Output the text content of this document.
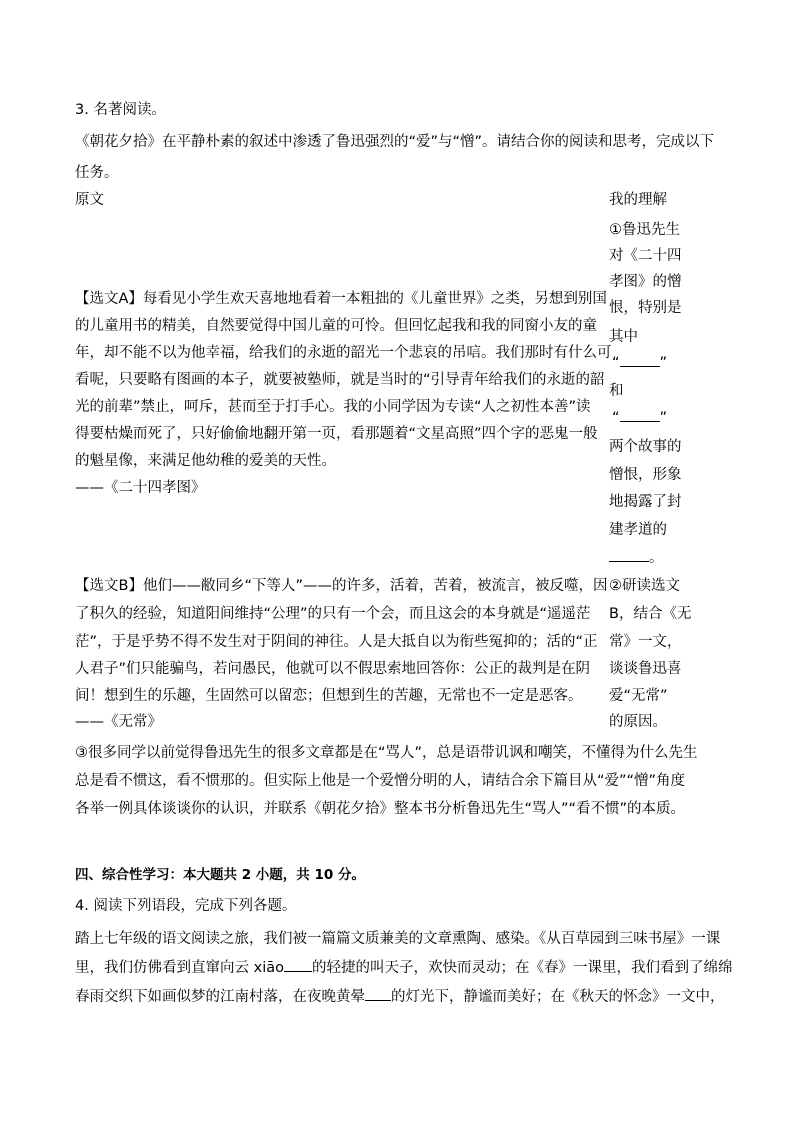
3. 名著阅读。
《朝花夕拾》在平静朴素的叙述中渗透了鲁迅强烈的“爱”与“憎”。请结合你的阅读和思考，完成以下
任务。
原文	我的理解
①鲁迅先生
对《二十四
孝图》的憎
恨，特别是
其中
“	”
和
“	”
两个故事的
憎恨，形象
地揭露了封
建孝道的
。
【选文A】每看见小学生欢天喜地地看着一本粗拙的《儿童世界》之类，另想到别国
的儿童用书的精美，自然要觉得中国儿童的可怜。但回忆起我和我的同窗小友的童
年，却不能不以为他幸福，给我们的永逝的韶光一个悲哀的吊唁。我们那时有什么可
看呢，只要略有图画的本子，就要被塾师，就是当时的“引导青年给我们的永逝的韶
光的前辈”禁止，呵斥，甚而至于打手心。我的小同学因为专读“人之初性本善”读
得要枯燥而死了，只好偷偷地翻开第一页，看那题着“文星高照”四个字的恶鬼一般
的魁星像，来满足他幼稚的爱美的天性。
——《二十四孝图》
【选文B】他们——敝同乡“下等人”——的许多，活着，苦着，被流言，被反噬，因
了积久的经验，知道阳间维持“公理”的只有一个会，而且这会的本身就是“遥遥茫
茫”，于是乎势不得不发生对于阴间的神往。人是大抵自以为衔些冤抑的；活的“正
人君子”们只能骗鸟，若问愚民，他就可以不假思索地回答你：公正的裁判是在阴
间！想到生的乐趣，生固然可以留恋；但想到生的苦趣，无常也不一定是恶客。
——《无常》
②研读选文
B，结合《无
常》一文，
谈谈鲁迅喜
爱“无常”
的原因。
③很多同学以前觉得鲁迅先生的很多文章都是在“骂人”，总是语带讥讽和嘲笑，不懂得为什么先生
总是看不惯这，看不惯那的。但实际上他是一个爱憎分明的人，请结合余下篇目从“爱”“憎”角度
各举一例具体谈谈你的认识，并联系《朝花夕拾》整本书分析鲁迅先生“骂人”“看不惯”的本质。
四、综合性学习：本大题共 2 小题，共 10 分。
4. 阅读下列语段，完成下列各题。
踏上七年级的语文阅读之旅，我们被一篇篇文质兼美的文章熏陶、感染。《从百草园到三味书屋》一课
里，我们仿佛看到直窜向云 xiāo 的轻捷的叫天子，欢快而灵动；在《春》一课里，我们看到了绵绵
春雨交织下如画似梦的江南村落，在夜晚黄晕 的灯光下，静谧而美好；在《秋天的怀念》一文中，
